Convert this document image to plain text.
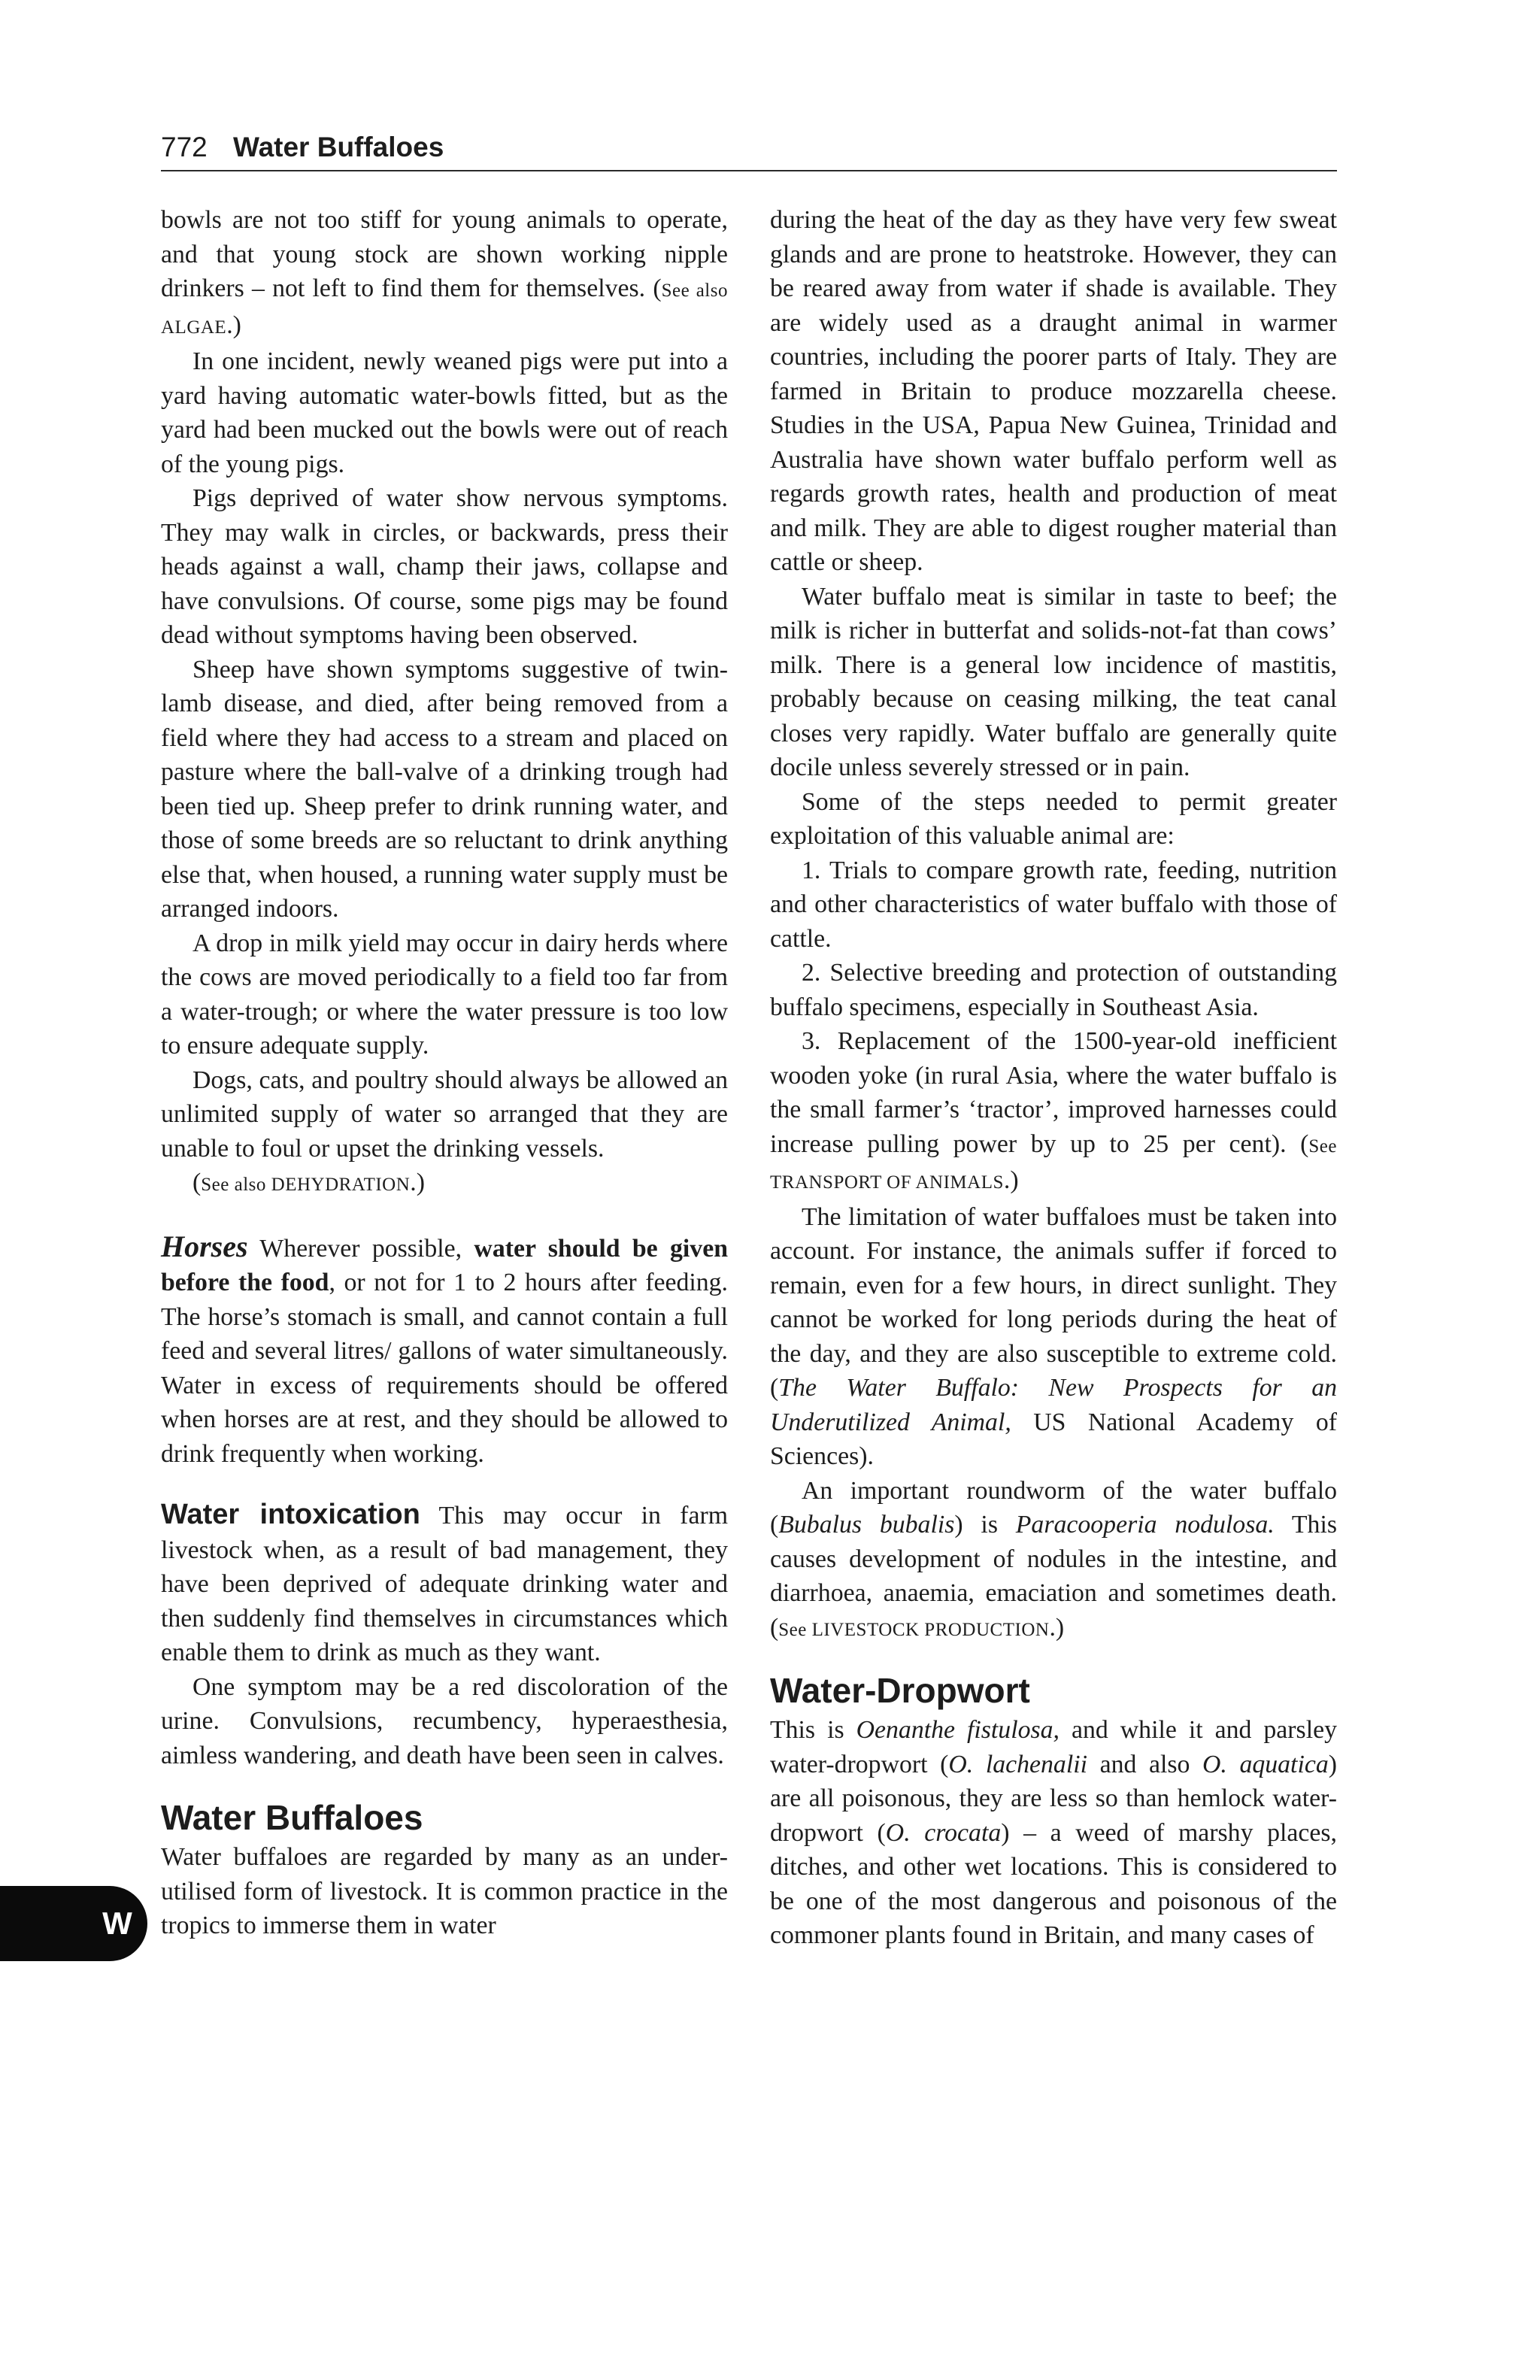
772 Water Buffaloes
W

bowls are not too stiff for young animals to operate, and that young stock are shown working nipple drinkers – not left to find them for themselves. (See also ALGAE.)

In one incident, newly weaned pigs were put into a yard having automatic water-bowls fitted, but as the yard had been mucked out the bowls were out of reach of the young pigs.

Pigs deprived of water show nervous symptoms. They may walk in circles, or backwards, press their heads against a wall, champ their jaws, collapse and have convulsions. Of course, some pigs may be found dead without symptoms having been observed.

Sheep have shown symptoms suggestive of twin-lamb disease, and died, after being removed from a field where they had access to a stream and placed on pasture where the ball-valve of a drinking trough had been tied up. Sheep prefer to drink running water, and those of some breeds are so reluctant to drink anything else that, when housed, a running water supply must be arranged indoors.

A drop in milk yield may occur in dairy herds where the cows are moved periodically to a field too far from a water-trough; or where the water pressure is too low to ensure adequate supply.

Dogs, cats, and poultry should always be allowed an unlimited supply of water so arranged that they are unable to foul or upset the drinking vessels.

(See also DEHYDRATION.)

Horses Wherever possible, water should be given before the food, or not for 1 to 2 hours after feeding. The horse’s stomach is small, and cannot contain a full feed and several litres/ gallons of water simultaneously. Water in excess of requirements should be offered when horses are at rest, and they should be allowed to drink frequently when working.

Water intoxication This may occur in farm livestock when, as a result of bad management, they have been deprived of adequate drinking water and then suddenly find themselves in circumstances which enable them to drink as much as they want.

One symptom may be a red discoloration of the urine. Convulsions, recumbency, hyperaesthesia, aimless wandering, and death have been seen in calves.

Water Buffaloes

Water buffaloes are regarded by many as an under-utilised form of livestock. It is common practice in the tropics to immerse them in water

during the heat of the day as they have very few sweat glands and are prone to heatstroke. However, they can be reared away from water if shade is available. They are widely used as a draught animal in warmer countries, including the poorer parts of Italy. They are farmed in Britain to produce mozzarella cheese. Studies in the USA, Papua New Guinea, Trinidad and Australia have shown water buffalo perform well as regards growth rates, health and production of meat and milk. They are able to digest rougher material than cattle or sheep.

Water buffalo meat is similar in taste to beef; the milk is richer in butterfat and solids-not-fat than cows’ milk. There is a general low incidence of mastitis, probably because on ceasing milking, the teat canal closes very rapidly. Water buffalo are generally quite docile unless severely stressed or in pain.

Some of the steps needed to permit greater exploitation of this valuable animal are:

1. Trials to compare growth rate, feeding, nutrition and other characteristics of water buffalo with those of cattle.

2. Selective breeding and protection of outstanding buffalo specimens, especially in Southeast Asia.

3. Replacement of the 1500-year-old inefficient wooden yoke (in rural Asia, where the water buffalo is the small farmer’s ‘tractor’, improved harnesses could increase pulling power by up to 25 per cent). (See TRANSPORT OF ANIMALS.)

The limitation of water buffaloes must be taken into account. For instance, the animals suffer if forced to remain, even for a few hours, in direct sunlight. They cannot be worked for long periods during the heat of the day, and they are also susceptible to extreme cold. (The Water Buffalo: New Prospects for an Underutilized Animal, US National Academy of Sciences).

An important roundworm of the water buffalo (Bubalus bubalis) is Paracooperia nodulosa. This causes development of nodules in the intestine, and diarrhoea, anaemia, emaciation and sometimes death. (See LIVESTOCK PRODUCTION.)

Water-Dropwort

This is Oenanthe fistulosa, and while it and parsley water-dropwort (O. lachenalii and also O. aquatica) are all poisonous, they are less so than hemlock water-dropwort (O. crocata) – a weed of marshy places, ditches, and other wet locations. This is considered to be one of the most dangerous and poisonous of the commoner plants found in Britain, and many cases of
